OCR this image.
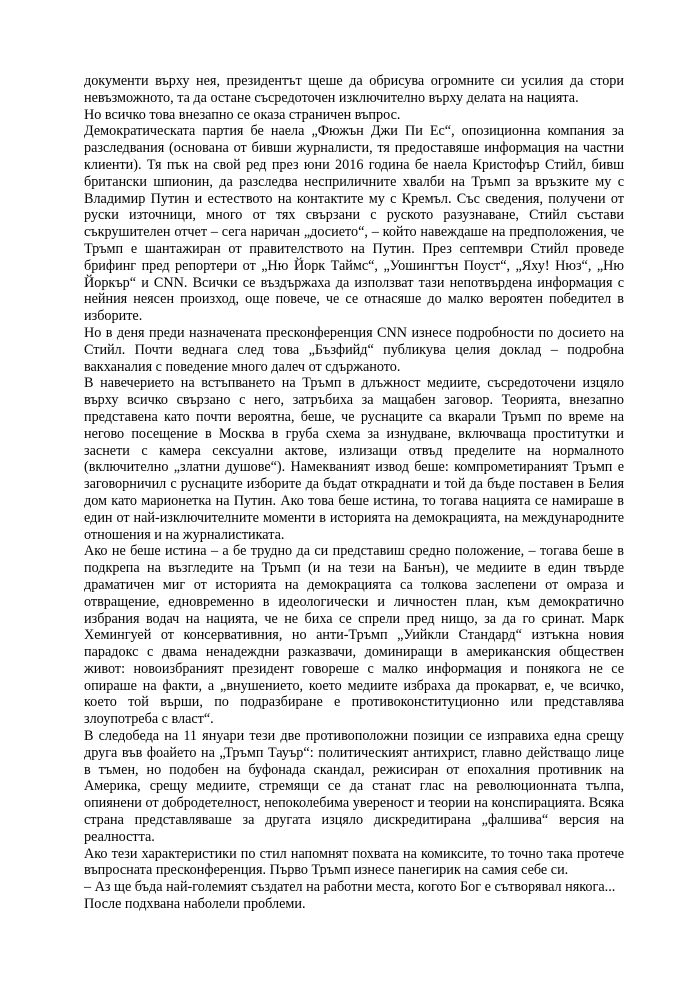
документи върху нея, президентът щеше да обрисува огромните си усилия да стори невъзможното, та да остане съсредоточен изключително върху делата на нацията.

Но всичко това внезапно се оказа страничен въпрос.

Демократическата партия бе наела „Фюжън Джи Пи Ес“, опозиционна компания за разследвания (основана от бивши журналисти, тя предоставяше информация на частни клиенти). Тя пък на свой ред през юни 2016 година бе наела Кристофър Стийл, бивш британски шпионин, да разследва несприличните хвалби на Тръмп за връзките му с Владимир Путин и естеството на контактите му с Кремъл. Със сведения, получени от руски източници, много от тях свързани с руското разузнаване, Стийл състави съкрушителен отчет – сега наричан „досието“, – който навеждаше на предположения, че Тръмп е шантажиран от правителството на Путин. През септември Стийл проведе брифинг пред репортери от „Ню Йорк Таймс“, „Уошингтън Поуст“, „Яху! Нюз“, „Ню Йоркър“ и CNN. Всички се въздържаха да използват тази непотвърдена информация с нейния неясен произход, още повече, че се отнасяше до малко вероятен победител в изборите.

Но в деня преди назначената пресконференция CNN изнесе подробности по досието на Стийл. Почти веднага след това „Бъзфийд“ публикува целия доклад – подробна вакханалия с поведение много далеч от сдържаното.

В навечерието на встъпването на Тръмп в длъжност медиите, съсредоточени изцяло върху всичко свързано с него, затръбиха за мащабен заговор. Теорията, внезапно представена като почти вероятна, беше, че руснаците са вкарали Тръмп по време на негово посещение в Москва в груба схема за изнудване, включваща проститутки и заснети с камера сексуални актове, излизащи отвъд пределите на нормалното (включително „златни душове“). Намекваният извод беше: компрометираният Тръмп е заговорничил с руснаците изборите да бъдат откраднати и той да бъде поставен в Белия дом като марионетка на Путин. Ако това беше истина, то тогава нацията се намираше в един от най-изключителните моменти в историята на демокрацията, на международните отношения и на журналистиката.

Ако не беше истина – а бе трудно да си представиш средно положение, – тогава беше в подкрепа на възгледите на Тръмп (и на тези на Банън), че медиите в един твърде драматичен миг от историята на демокрацията са толкова заслепени от омраза и отвращение, едновременно в идеологически и личностен план, към демократично избрания водач на нацията, че не биха се спрели пред нищо, за да го сринат. Марк Хемингуей от консервативния, но анти-Тръмп „Уийкли Стандард“ изтъкна новия парадокс с двама ненадеждни разказвачи, доминиращи в американския обществен живот: новоизбраният президент говореше с малко информация и понякога не се опираше на факти, а „внушението, което медиите избраха да прокарват, е, че всичко, което той върши, по подразбиране е противоконституционно или представлява злоупотреба с власт“.

В следобеда на 11 януари тези две противоположни позиции се изправиха една срещу друга във фоайето на „Тръмп Тауър“: политическият антихрист, главно действащо лице в тъмен, но подобен на буфонада скандал, режисиран от епохалния противник на Америка, срещу медиите, стремящи се да станат глас на революционната тълпа, опиянени от добродетелност, непоколебима увереност и теории на конспирацията. Всяка страна представляваше за другата изцяло дискредитирана „фалшива“ версия на реалността.

Ако тези характеристики по стил напомнят похвата на комиксите, то точно така протече въпросната пресконференция. Първо Тръмп изнесе панегирик на самия себе си.

– Аз ще бъда най-големият създател на работни места, когото Бог е сътворявал някога...

После подхвана наболели проблеми.
